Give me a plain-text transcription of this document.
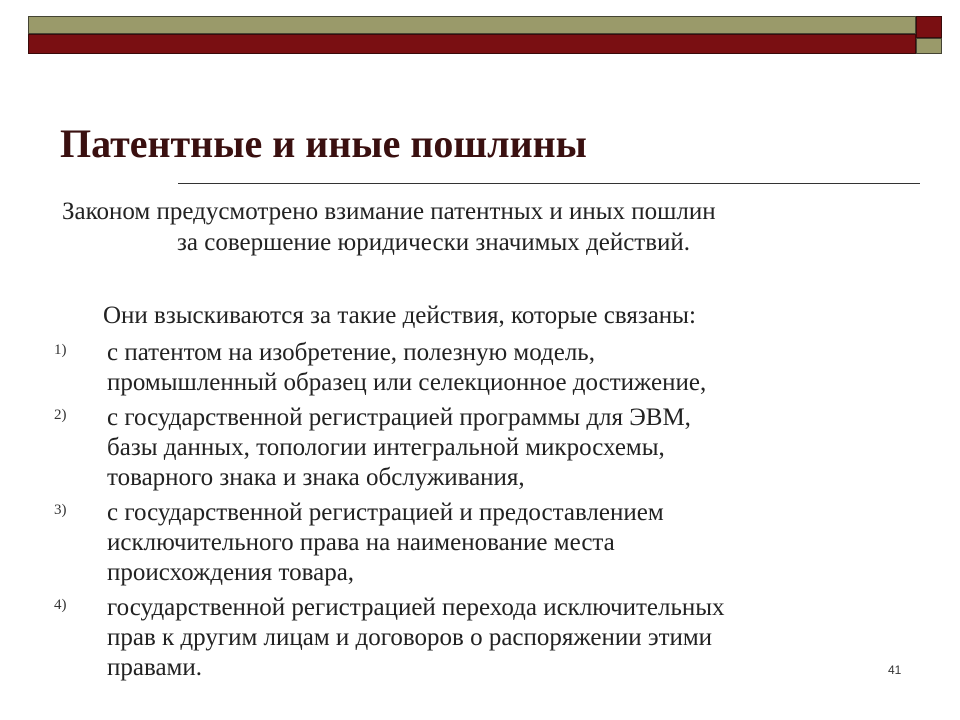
Патентные и иные пошлины
Законом предусмотрено взимание патентных и иных пошлин
за совершение юридически значимых действий.
Они взыскиваются за такие действия, которые связаны:
1) с патентом на изобретение, полезную модель,
промышленный образец или селекционное достижение,
2) с государственной регистрацией программы для ЭВМ,
базы данных, топологии интегральной микросхемы,
товарного знака и знака обслуживания,
3) с государственной регистрацией и предоставлением
исключительного права на наименование места
происхождения товара,
4) государственной регистрацией перехода исключительных
прав к другим лицам и договоров о распоряжении этими
правами.	41
